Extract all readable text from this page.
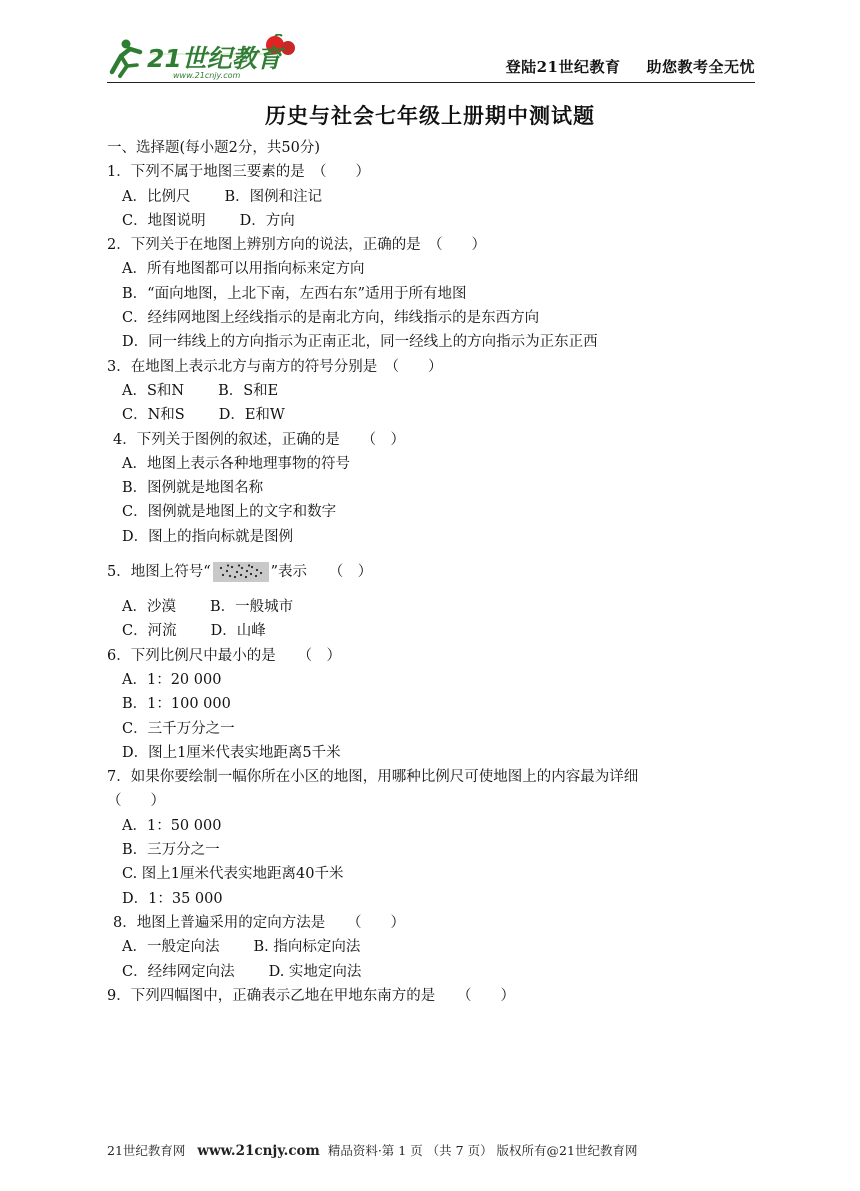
21世纪教育
www.21cnjy.com	登陆21世纪教育 助您教考全无忧
历史与社会七年级上册期中测试题
一、选择题(每小题2分，共50分)
1．下列不属于地图三要素的是　（　　）
A．比例尺 B．图例和注记
C．地图说明 D．方向
2．下列关于在地图上辨别方向的说法，正确的是　（　　）
A．所有地图都可以用指向标来定方向
B．“面向地图，上北下南，左西右东”适用于所有地图
C．经纬网地图上经线指示的是南北方向，纬线指示的是东西方向
D．同一纬线上的方向指示为正南正北，同一经线上的方向指示为正东正西
3．在地图上表示北方与南方的符号分别是　（　　）
A．S和N B．S和E
C．N和S D．E和W
4．下列关于图例的叙述，正确的是　　（　）
A．地图上表示各种地理事物的符号
B．图例就是地图名称
C．图例就是地图上的文字和数字
D．图上的指向标就是图例
5．地图上符号“	”表示　　（　）
A．沙漠 B．一般城市
C．河流 D．山峰
6．下列比例尺中最小的是　　（　）
A．1：20 000
B．1：100 000
C．三千万分之一
D．图上1厘米代表实地距离5千米
7．如果你要绘制一幅你所在小区的地图，用哪种比例尺可使地图上的内容最为详细
（　　）
A．1：50 000
B．三万分之一
C. 图上1厘米代表实地距离40千米
D．1：35 000
8．地图上普遍采用的定向方法是　　（　　）
A．一般定向法 B. 指向标定向法
C．经纬网定向法 D. 实地定向法
9．下列四幅图中，正确表示乙地在甲地东南方的是　　（　　）
21世纪教育网 www.21cnjy.com 精品资料·第 1 页 （共 7 页） 版权所有@21世纪教育网
